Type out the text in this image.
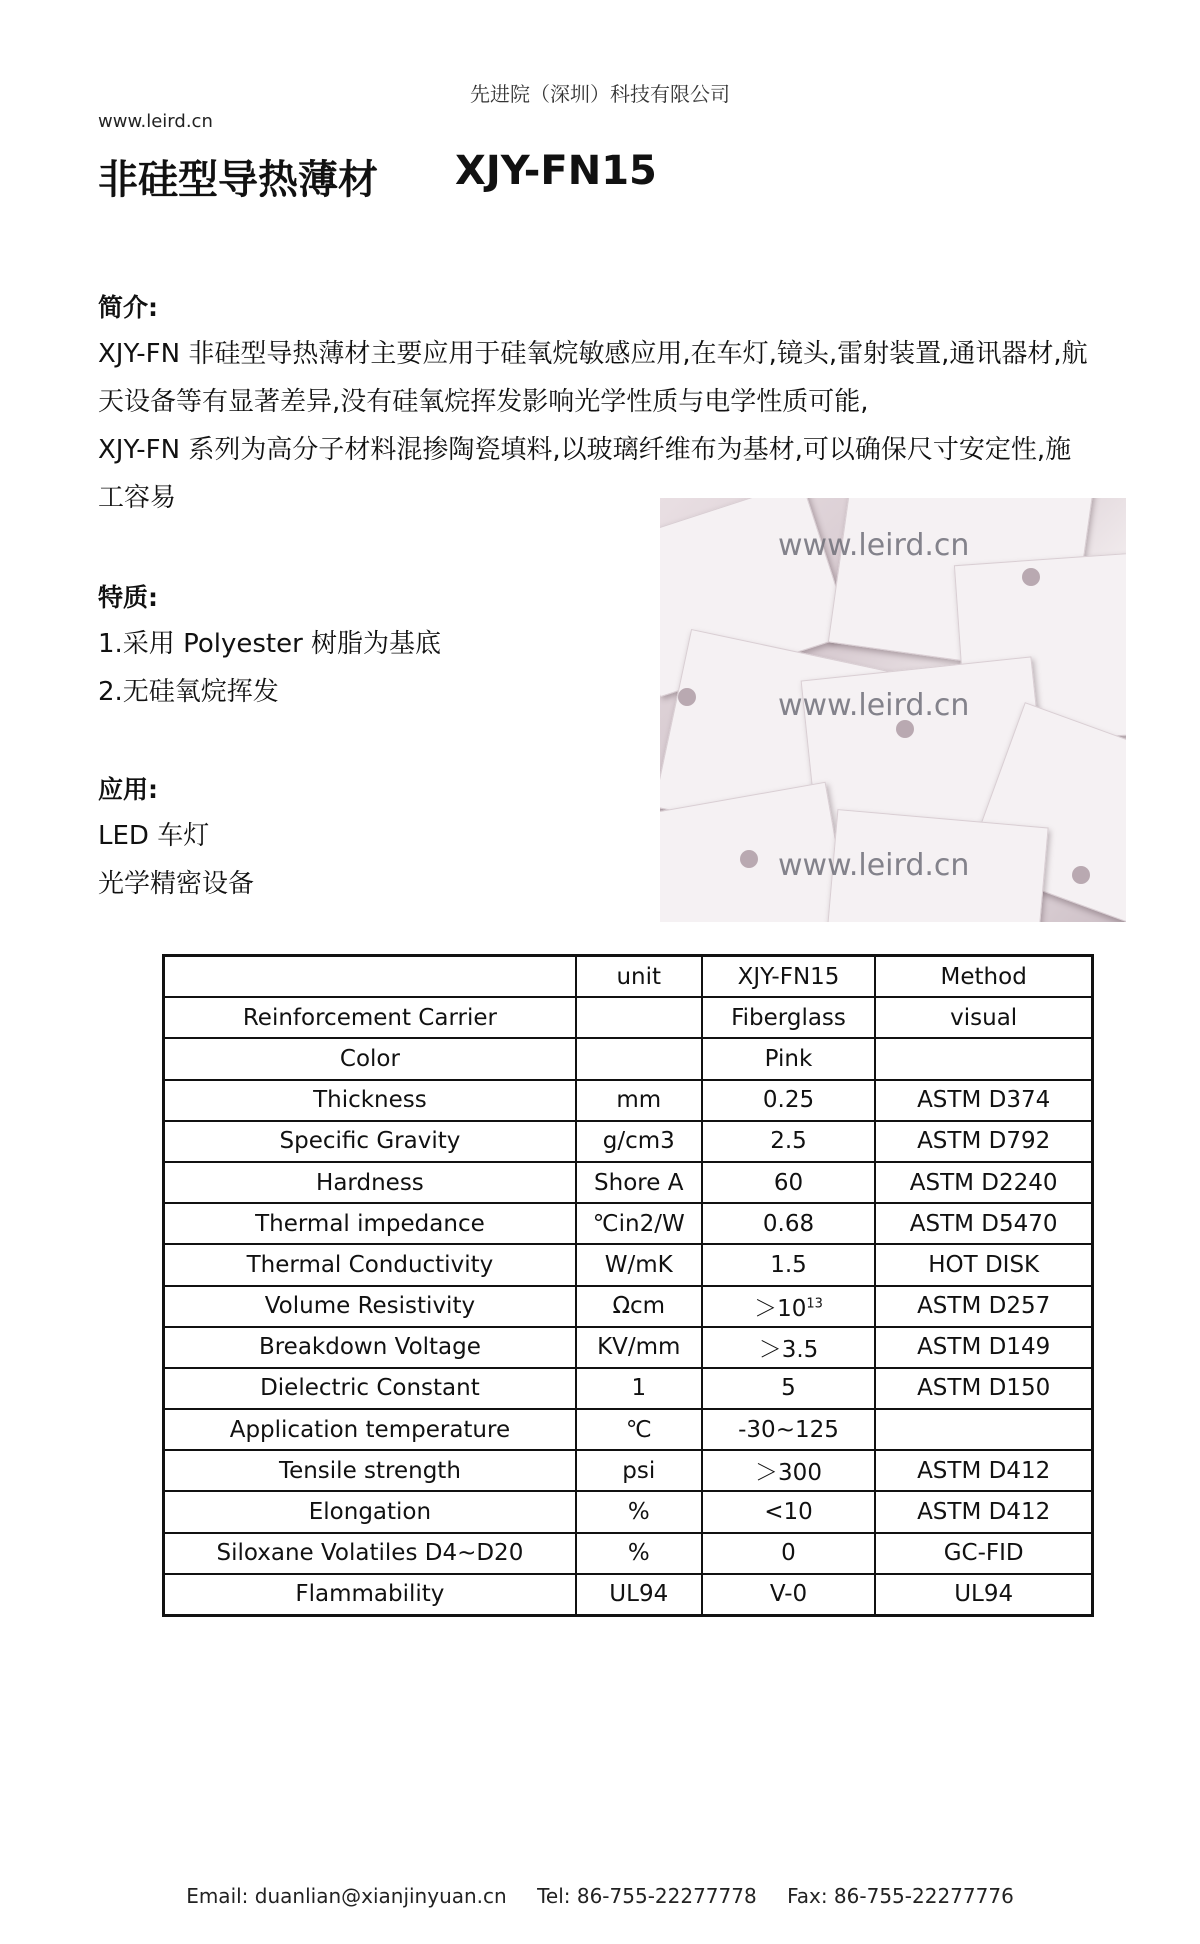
先进院（深圳）科技有限公司
www.leird.cn
非硅型导热薄材 XJY-FN15
简介:
XJY-FN 非硅型导热薄材主要应用于硅氧烷敏感应用,在车灯,镜头,雷射装置,通讯器材,航
天设备等有显著差异,没有硅氧烷挥发影响光学性质与电学性质可能,
XJY-FN 系列为高分子材料混掺陶瓷填料,以玻璃纤维布为基材,可以确保尺寸安定性,施
工容易
特质:
1.采用 Polyester 树脂为基底
2.无硅氧烷挥发
应用:
LED 车灯
光学精密设备
www.leird.cn
www.leird.cn
www.leird.cn
	unit	XJY-FN15	Method
Reinforcement Carrier		Fiberglass	visual
Color		Pink	
Thickness	mm	0.25	ASTM D374
Specific Gravity	g/cm3	2.5	ASTM D792
Hardness	Shore A	60	ASTM D2240
Thermal impedance	℃in2/W	0.68	ASTM D5470
Thermal Conductivity	W/mK	1.5	HOT DISK
Volume Resistivity	Ωcm	$>10^{13}$	ASTM D257
Breakdown Voltage	KV/mm	＞3.5	ASTM D149
Dielectric Constant	1	5	ASTM D150
Application temperature	℃	-30~125	
Tensile strength	psi	＞300	ASTM D412
Elongation	%	<10	ASTM D412
Siloxane Volatiles D4~D20	%	0	GC-FID
Flammability	UL94	V-0	UL94
Email: duanlian@xianjinyuan.cn Tel: 86-755-22277778 Fax: 86-755-22277776
